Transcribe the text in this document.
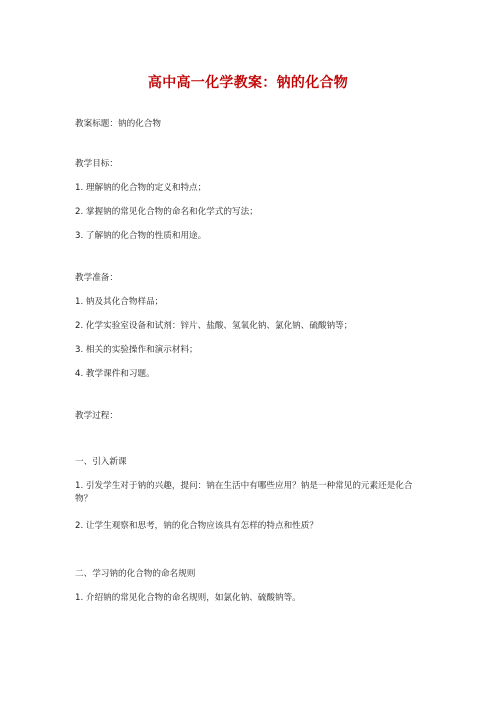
高中高一化学教案：钠的化合物
教案标题：钠的化合物
教学目标：
1. 理解钠的化合物的定义和特点；
2. 掌握钠的常见化合物的命名和化学式的写法；
3. 了解钠的化合物的性质和用途。
教学准备：
1. 钠及其化合物样品；
2. 化学实验室设备和试剂：锌片、盐酸、氢氧化钠、氯化钠、硫酸钠等；
3. 相关的实验操作和演示材料；
4. 教学课件和习题。
教学过程：
一、引入新课
1. 引发学生对于钠的兴趣，提问：钠在生活中有哪些应用？钠是一种常见的元素还是化合物？
2. 让学生观察和思考，钠的化合物应该具有怎样的特点和性质？
二、学习钠的化合物的命名规则
1. 介绍钠的常见化合物的命名规则，如氯化钠、硫酸钠等。
